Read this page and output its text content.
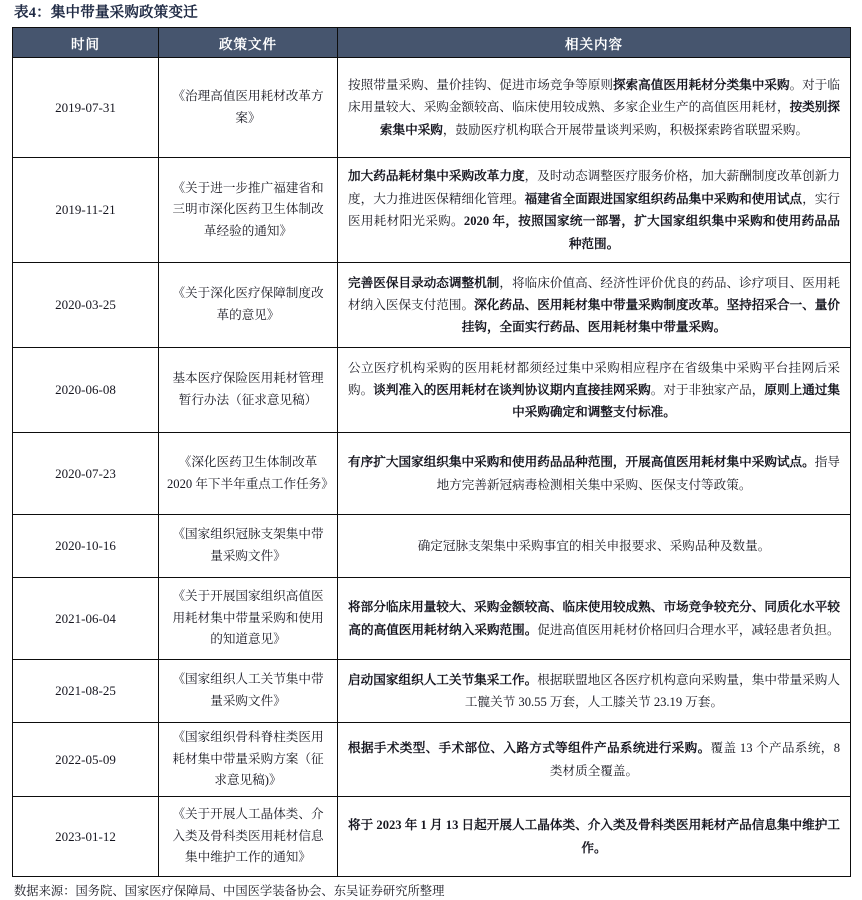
表4：集中带量采购政策变迁
时间	政策文件	相关内容
2019-07-31	《治理高值医用耗材改革方案》	按照带量采购、量价挂钩、促进市场竞争等原则探索高值医用耗材分类集中采购。对于临床用量较大、采购金额较高、临床使用较成熟、多家企业生产的高值医用耗材，按类别探索集中采购，鼓励医疗机构联合开展带量谈判采购，积极探索跨省联盟采购。
2019-11-21	《关于进一步推广福建省和三明市深化医药卫生体制改革经验的通知》	加大药品耗材集中采购改革力度，及时动态调整医疗服务价格，加大薪酬制度改革创新力度，大力推进医保精细化管理。福建省全面跟进国家组织药品集中采购和使用试点，实行医用耗材阳光采购。2020 年，按照国家统一部署，扩大国家组织集中采购和使用药品品种范围。
2020-03-25	《关于深化医疗保障制度改革的意见》	完善医保目录动态调整机制，将临床价值高、经济性评价优良的药品、诊疗项目、医用耗材纳入医保支付范围。深化药品、医用耗材集中带量采购制度改革。坚持招采合一、量价挂钩，全面实行药品、医用耗材集中带量采购。
2020-06-08	基本医疗保险医用耗材管理暂行办法（征求意见稿）	公立医疗机构采购的医用耗材都须经过集中采购相应程序在省级集中采购平台挂网后采购。谈判准入的医用耗材在谈判协议期内直接挂网采购。对于非独家产品，原则上通过集中采购确定和调整支付标准。
2020-07-23	《深化医药卫生体制改革2020 年下半年重点工作任务》	有序扩大国家组织集中采购和使用药品品种范围，开展高值医用耗材集中采购试点。指导地方完善新冠病毒检测相关集中采购、医保支付等政策。
2020-10-16	《国家组织冠脉支架集中带量采购文件》	确定冠脉支架集中采购事宜的相关申报要求、采购品种及数量。
2021-06-04	《关于开展国家组织高值医用耗材集中带量采购和使用的知道意见》	将部分临床用量较大、采购金额较高、临床使用较成熟、市场竞争较充分、同质化水平较高的高值医用耗材纳入采购范围。促进高值医用耗材价格回归合理水平，减轻患者负担。
2021-08-25	《国家组织人工关节集中带量采购文件》	启动国家组织人工关节集采工作。根据联盟地区各医疗机构意向采购量，集中带量采购人工髋关节 30.55 万套，人工膝关节 23.19 万套。
2022-05-09	《国家组织骨科脊柱类医用耗材集中带量采购方案（征求意见稿)》	根据手术类型、手术部位、入路方式等组件产品系统进行采购。覆盖 13 个产品系统，8 类材质全覆盖。
2023-01-12	《关于开展人工晶体类、介入类及骨科类医用耗材信息集中维护工作的通知》	将于 2023 年 1 月 13 日起开展人工晶体类、介入类及骨科类医用耗材产品信息集中维护工作。
数据来源：国务院、国家医疗保障局、中国医学装备协会、东吴证券研究所整理
